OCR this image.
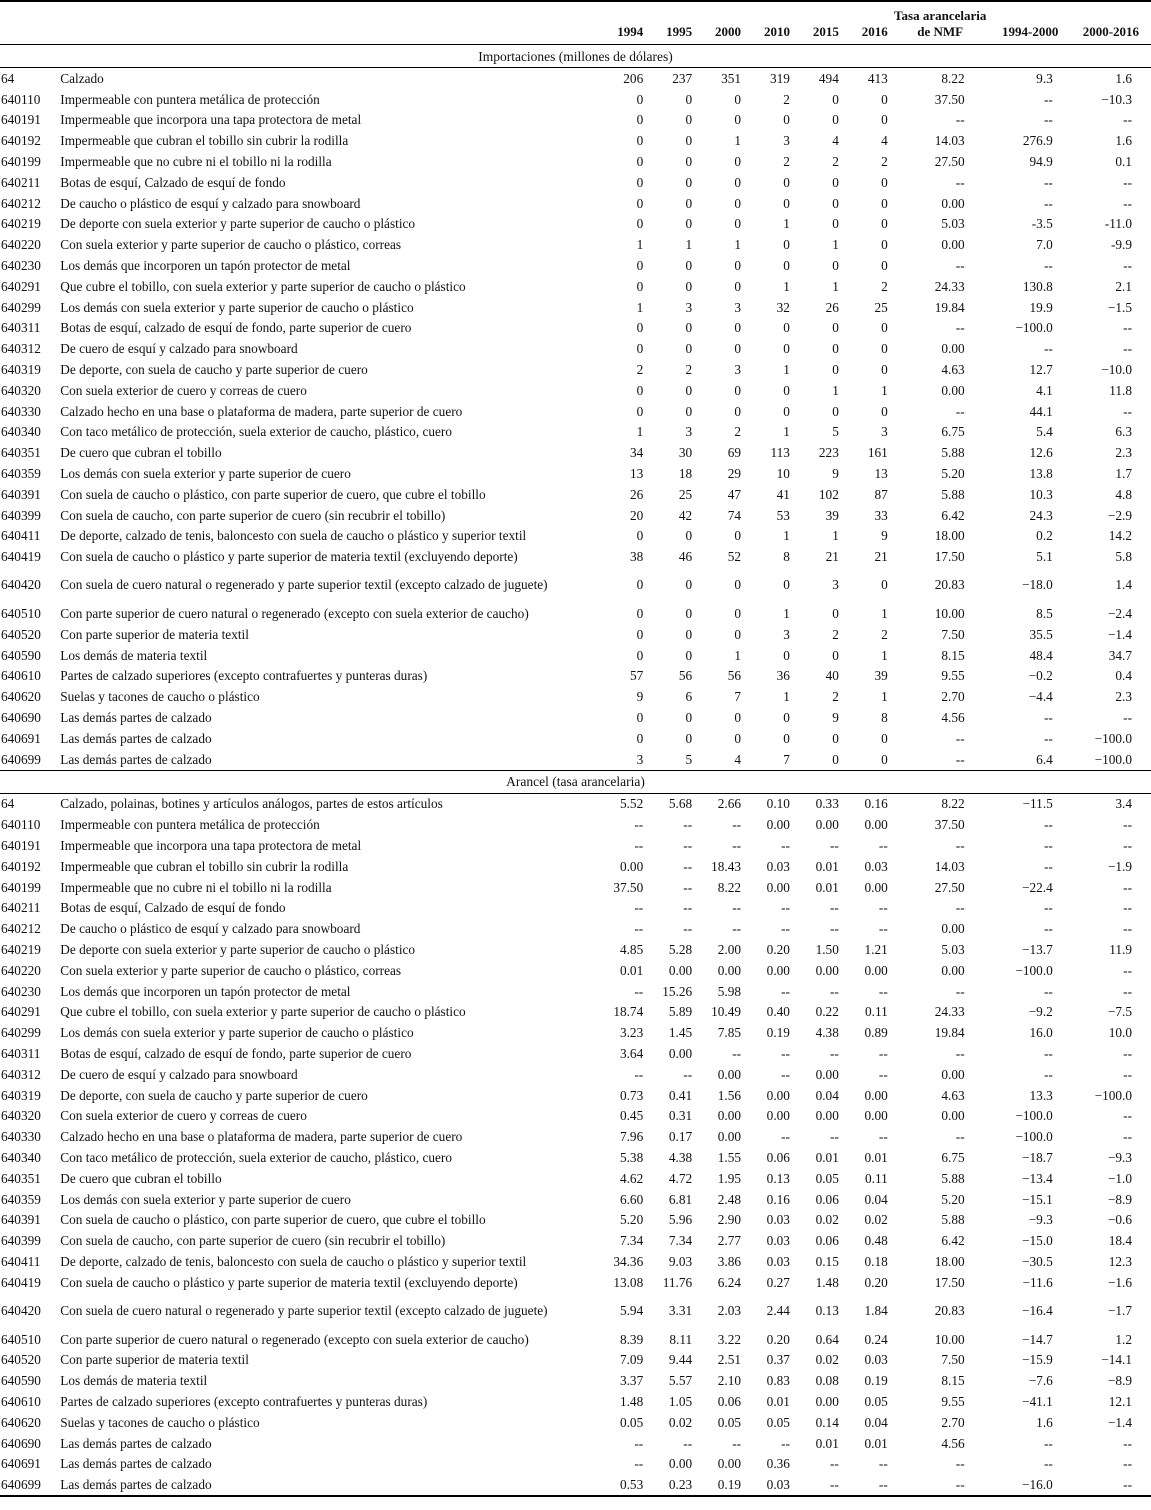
		1994	1995	2000	2010	2015	2016	Tasa arancelaria
de NMF	1994-2000	2000-2016
Importaciones (millones de dólares)										
64	Calzado	206	237	351	319	494	413	8.22	9.3	1.6
640110	Impermeable con puntera metálica de protección	0	0	0	2	0	0	37.50	--	−10.3
640191	Impermeable que incorpora una tapa protectora de metal	0	0	0	0	0	0	--	--	--
640192	Impermeable que cubran el tobillo sin cubrir la rodilla	0	0	1	3	4	4	14.03	276.9	1.6
640199	Impermeable que no cubre ni el tobillo ni la rodilla	0	0	0	2	2	2	27.50	94.9	0.1
640211	Botas de esquí, Calzado de esquí de fondo	0	0	0	0	0	0	--	--	--
640212	De caucho o plástico de esquí y calzado para snowboard	0	0	0	0	0	0	0.00	--	--
640219	De deporte con suela exterior y parte superior de caucho o plástico	0	0	0	1	0	0	5.03	-3.5	-11.0
640220	Con suela exterior y parte superior de caucho o plástico, correas	1	1	1	0	1	0	0.00	7.0	-9.9
640230	Los demás que incorporen un tapón protector de metal	0	0	0	0	0	0	--	--	--
640291	Que cubre el tobillo, con suela exterior y parte superior de caucho o plástico	0	0	0	1	1	2	24.33	130.8	2.1
640299	Los demás con suela exterior y parte superior de caucho o plástico	1	3	3	32	26	25	19.84	19.9	−1.5
640311	Botas de esquí, calzado de esquí de fondo, parte superior de cuero	0	0	0	0	0	0	--	−100.0	--
640312	De cuero de esquí y calzado para snowboard	0	0	0	0	0	0	0.00	--	--
640319	De deporte, con suela de caucho y parte superior de cuero	2	2	3	1	0	0	4.63	12.7	−10.0
640320	Con suela exterior de cuero y correas de cuero	0	0	0	0	1	1	0.00	4.1	11.8
640330	Calzado hecho en una base o plataforma de madera, parte superior de cuero	0	0	0	0	0	0	--	44.1	--
640340	Con taco metálico de protección, suela exterior de caucho, plástico, cuero	1	3	2	1	5	3	6.75	5.4	6.3
640351	De cuero que cubran el tobillo	34	30	69	113	223	161	5.88	12.6	2.3
640359	Los demás con suela exterior y parte superior de cuero	13	18	29	10	9	13	5.20	13.8	1.7
640391	Con suela de caucho o plástico, con parte superior de cuero, que cubre el tobillo	26	25	47	41	102	87	5.88	10.3	4.8
640399	Con suela de caucho, con parte superior de cuero (sin recubrir el tobillo)	20	42	74	53	39	33	6.42	24.3	−2.9
640411	De deporte, calzado de tenis, baloncesto con suela de caucho o plástico y superior textil	0	0	0	1	1	9	18.00	0.2	14.2
640419	Con suela de caucho o plástico y parte superior de materia textil (excluyendo deporte)	38	46	52	8	21	21	17.50	5.1	5.8
640420	Con suela de cuero natural o regenerado y parte superior textil (excepto calzado de juguete)	0	0	0	0	3	0	20.83	−18.0	1.4
640510	Con parte superior de cuero natural o regenerado (excepto con suela exterior de caucho)	0	0	0	1	0	1	10.00	8.5	−2.4
640520	Con parte superior de materia textil	0	0	0	3	2	2	7.50	35.5	−1.4
640590	Los demás de materia textil	0	0	1	0	0	1	8.15	48.4	34.7
640610	Partes de calzado superiores (excepto contrafuertes y punteras duras)	57	56	56	36	40	39	9.55	−0.2	0.4
640620	Suelas y tacones de caucho o plástico	9	6	7	1	2	1	2.70	−4.4	2.3
640690	Las demás partes de calzado	0	0	0	0	9	8	4.56	--	--
640691	Las demás partes de calzado	0	0	0	0	0	0	--	--	−100.0
640699	Las demás partes de calzado	3	5	4	7	0	0	--	6.4	−100.0
Arancel (tasa arancelaria)										
64	Calzado, polainas, botines y artículos análogos, partes de estos artículos	5.52	5.68	2.66	0.10	0.33	0.16	8.22	−11.5	3.4
640110	Impermeable con puntera metálica de protección	--	--	--	0.00	0.00	0.00	37.50	--	--
640191	Impermeable que incorpora una tapa protectora de metal	--	--	--	--	--	--	--	--	--
640192	Impermeable que cubran el tobillo sin cubrir la rodilla	0.00	--	18.43	0.03	0.01	0.03	14.03	--	−1.9
640199	Impermeable que no cubre ni el tobillo ni la rodilla	37.50	--	8.22	0.00	0.01	0.00	27.50	−22.4	--
640211	Botas de esquí, Calzado de esquí de fondo	--	--	--	--	--	--	--	--	--
640212	De caucho o plástico de esquí y calzado para snowboard	--	--	--	--	--	--	0.00	--	--
640219	De deporte con suela exterior y parte superior de caucho o plástico	4.85	5.28	2.00	0.20	1.50	1.21	5.03	−13.7	11.9
640220	Con suela exterior y parte superior de caucho o plástico, correas	0.01	0.00	0.00	0.00	0.00	0.00	0.00	−100.0	--
640230	Los demás que incorporen un tapón protector de metal	--	15.26	5.98	--	--	--	--	--	--
640291	Que cubre el tobillo, con suela exterior y parte superior de caucho o plástico	18.74	5.89	10.49	0.40	0.22	0.11	24.33	−9.2	−7.5
640299	Los demás con suela exterior y parte superior de caucho o plástico	3.23	1.45	7.85	0.19	4.38	0.89	19.84	16.0	10.0
640311	Botas de esquí, calzado de esquí de fondo, parte superior de cuero	3.64	0.00	--	--	--	--	--	--	--
640312	De cuero de esquí y calzado para snowboard	--	--	0.00	--	0.00	--	0.00	--	--
640319	De deporte, con suela de caucho y parte superior de cuero	0.73	0.41	1.56	0.00	0.04	0.00	4.63	13.3	−100.0
640320	Con suela exterior de cuero y correas de cuero	0.45	0.31	0.00	0.00	0.00	0.00	0.00	−100.0	--
640330	Calzado hecho en una base o plataforma de madera, parte superior de cuero	7.96	0.17	0.00	--	--	--	--	−100.0	--
640340	Con taco metálico de protección, suela exterior de caucho, plástico, cuero	5.38	4.38	1.55	0.06	0.01	0.01	6.75	−18.7	−9.3
640351	De cuero que cubran el tobillo	4.62	4.72	1.95	0.13	0.05	0.11	5.88	−13.4	−1.0
640359	Los demás con suela exterior y parte superior de cuero	6.60	6.81	2.48	0.16	0.06	0.04	5.20	−15.1	−8.9
640391	Con suela de caucho o plástico, con parte superior de cuero, que cubre el tobillo	5.20	5.96	2.90	0.03	0.02	0.02	5.88	−9.3	−0.6
640399	Con suela de caucho, con parte superior de cuero (sin recubrir el tobillo)	7.34	7.34	2.77	0.03	0.06	0.48	6.42	−15.0	18.4
640411	De deporte, calzado de tenis, baloncesto con suela de caucho o plástico y superior textil	34.36	9.03	3.86	0.03	0.15	0.18	18.00	−30.5	12.3
640419	Con suela de caucho o plástico y parte superior de materia textil (excluyendo deporte)	13.08	11.76	6.24	0.27	1.48	0.20	17.50	−11.6	−1.6
640420	Con suela de cuero natural o regenerado y parte superior textil (excepto calzado de juguete)	5.94	3.31	2.03	2.44	0.13	1.84	20.83	−16.4	−1.7
640510	Con parte superior de cuero natural o regenerado (excepto con suela exterior de caucho)	8.39	8.11	3.22	0.20	0.64	0.24	10.00	−14.7	1.2
640520	Con parte superior de materia textil	7.09	9.44	2.51	0.37	0.02	0.03	7.50	−15.9	−14.1
640590	Los demás de materia textil	3.37	5.57	2.10	0.83	0.08	0.19	8.15	−7.6	−8.9
640610	Partes de calzado superiores (excepto contrafuertes y punteras duras)	1.48	1.05	0.06	0.01	0.00	0.05	9.55	−41.1	12.1
640620	Suelas y tacones de caucho o plástico	0.05	0.02	0.05	0.05	0.14	0.04	2.70	1.6	−1.4
640690	Las demás partes de calzado	--	--	--	--	0.01	0.01	4.56	--	--
640691	Las demás partes de calzado	--	0.00	0.00	0.36	--	--	--	--	--
640699	Las demás partes de calzado	0.53	0.23	0.19	0.03	--	--	--	−16.0	--
